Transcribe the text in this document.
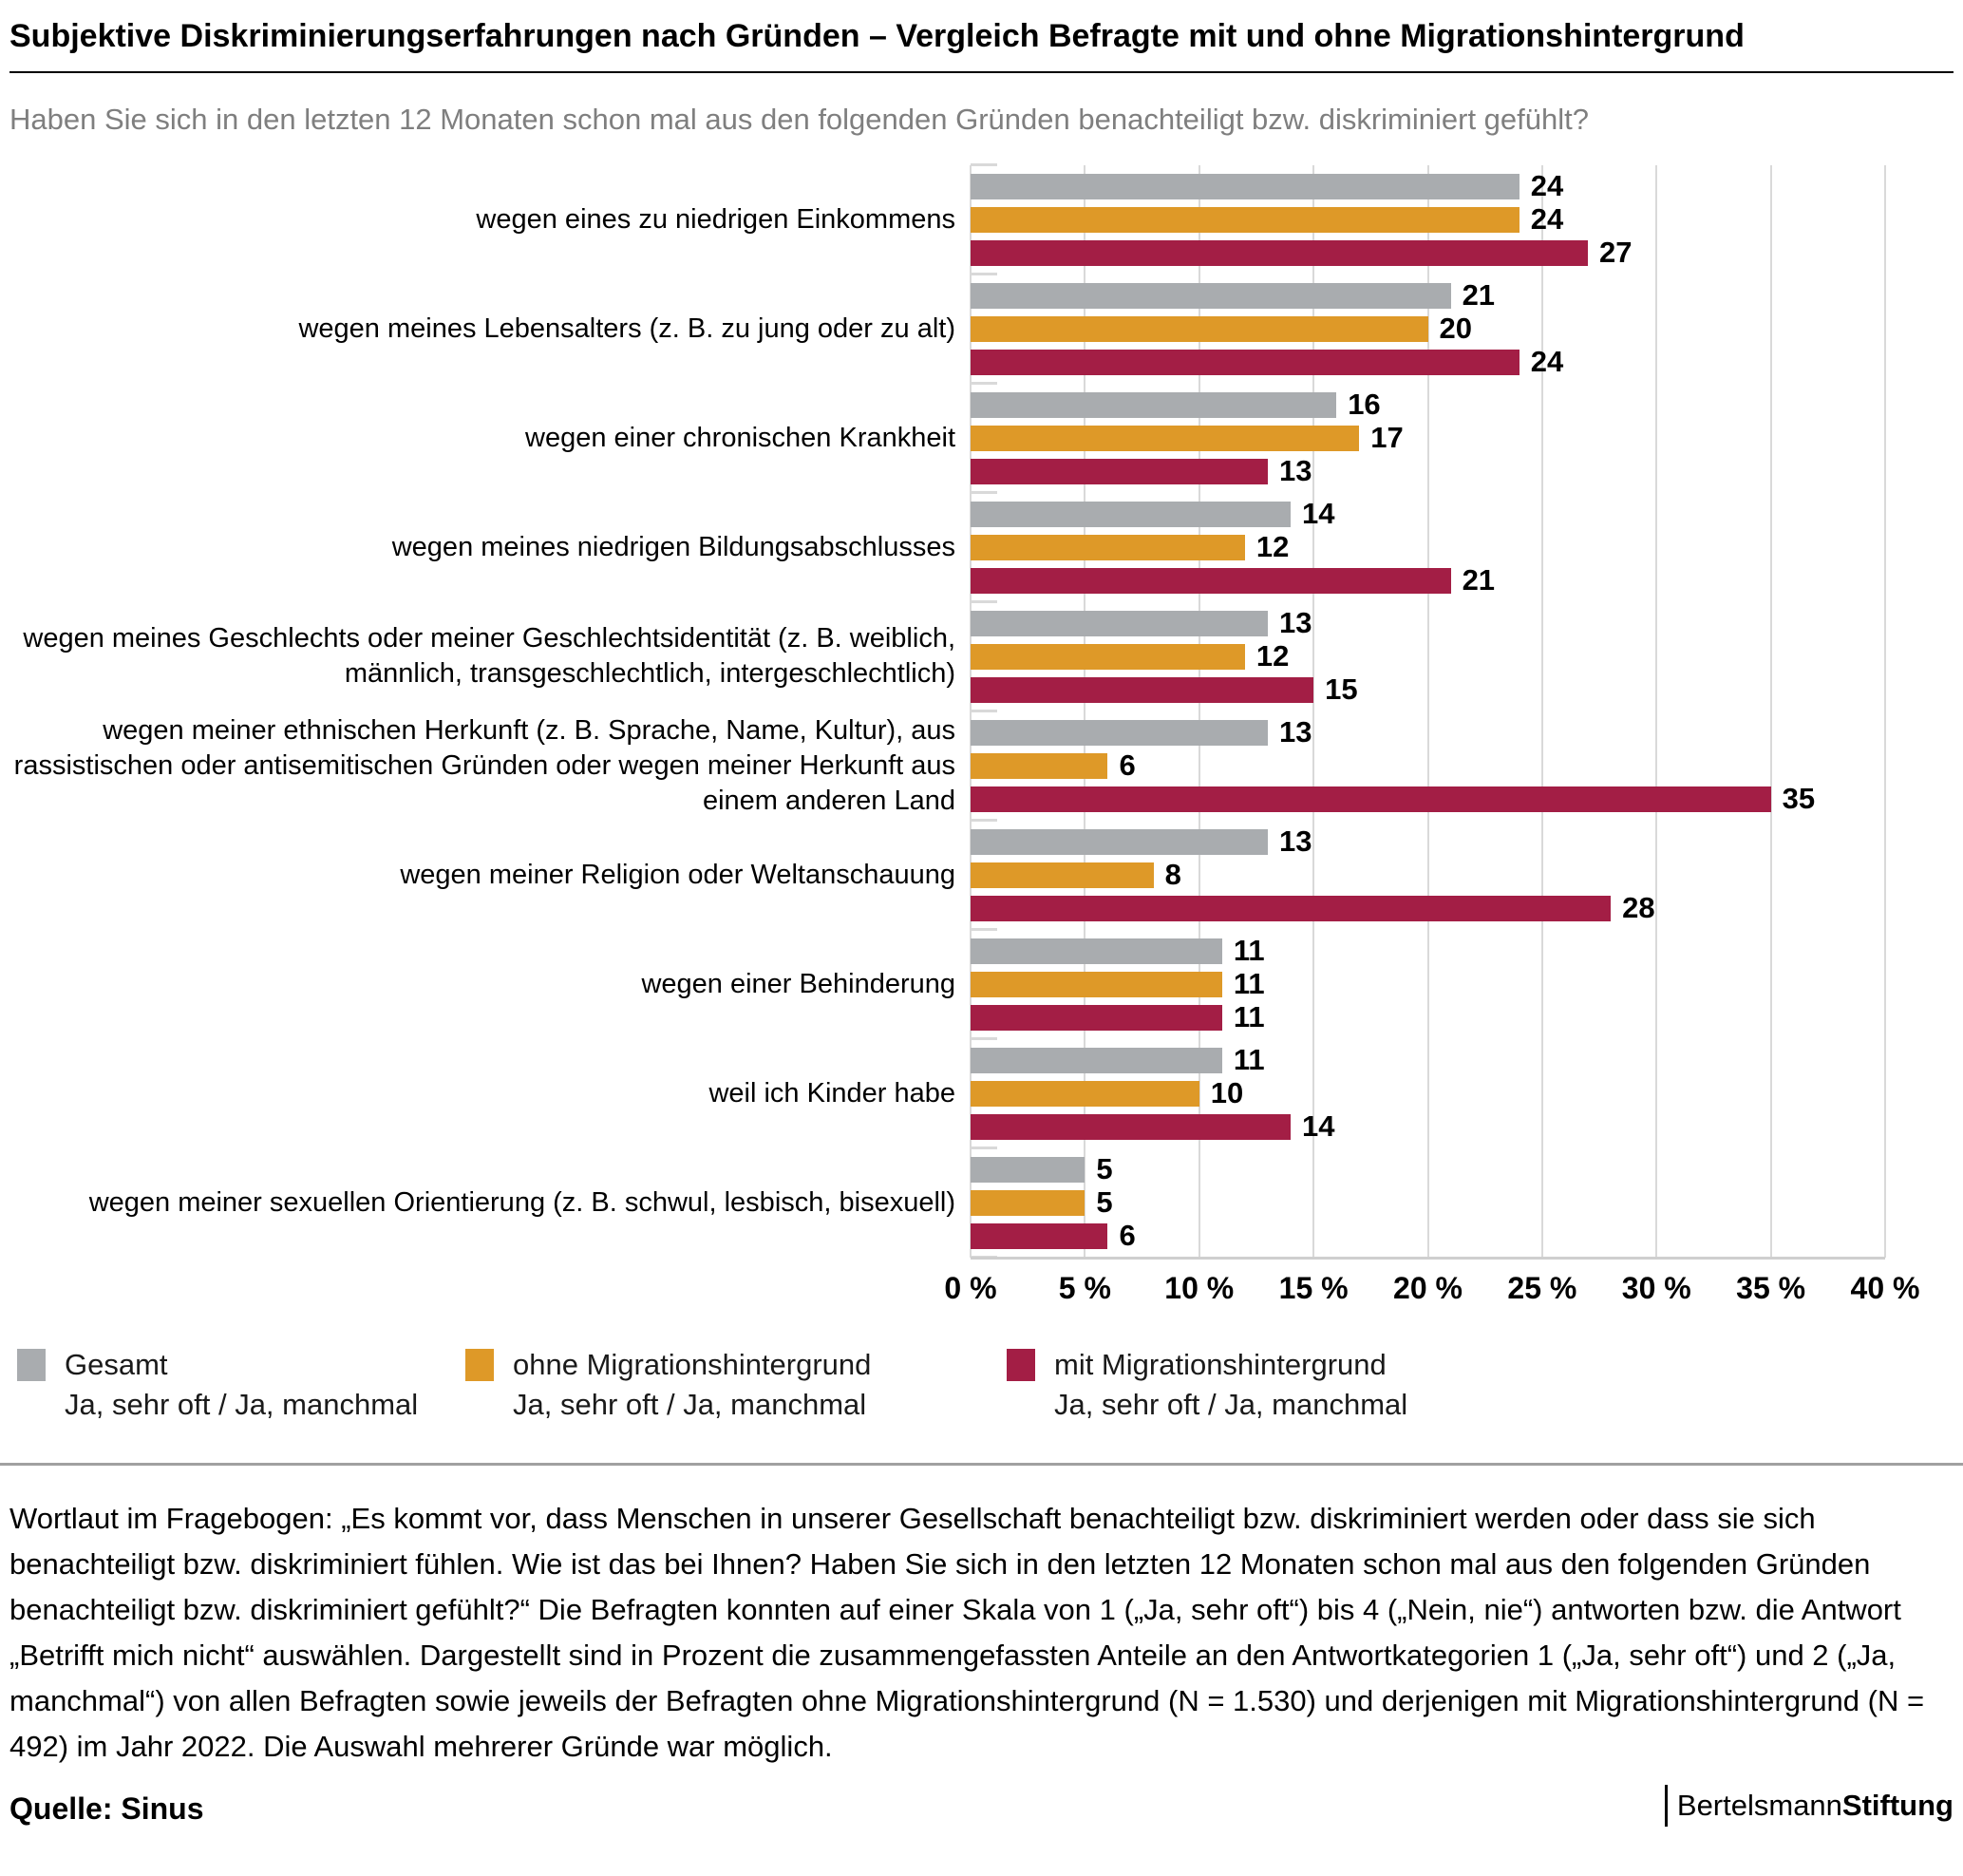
Subjektive Diskriminierungserfahrungen nach Gründen – Vergleich Befragte mit und ohne Migrationshintergrund
Haben Sie sich in den letzten 12 Monaten schon mal aus den folgenden Gründen benachteiligt bzw. diskriminiert gefühlt?
wegen eines zu niedrigen Einkommens
24
24
27
wegen meines Lebensalters (z. B. zu jung oder zu alt)
21
20
24
wegen einer chronischen Krankheit
16
17
13
wegen meines niedrigen Bildungsabschlusses
14
12
21
wegen meines Geschlechts oder meiner Geschlechtsidentität (z. B. weiblich, männlich, transgeschlechtlich, intergeschlechtlich)
13
12
15
wegen meiner ethnischen Herkunft (z. B. Sprache, Name, Kultur), aus rassistischen oder antisemitischen Gründen oder wegen meiner Herkunft aus einem anderen Land
13
6
35
wegen meiner Religion oder Weltanschauung
13
8
28
wegen einer Behinderung
11
11
11
weil ich Kinder habe
11
10
14
wegen meiner sexuellen Orientierung (z. B. schwul, lesbisch, bisexuell)
5
5
6
0 % 5 % 10 % 15 % 20 % 25 % 30 % 35 % 40 %
Gesamt
Ja, sehr oft / Ja, manchmal
ohne Migrationshintergrund
Ja, sehr oft / Ja, manchmal
mit Migrationshintergrund
Ja, sehr oft / Ja, manchmal
Wortlaut im Fragebogen: „Es kommt vor, dass Menschen in unserer Gesellschaft benachteiligt bzw. diskriminiert werden oder dass sie sich benachteiligt bzw. diskriminiert fühlen. Wie ist das bei Ihnen? Haben Sie sich in den letzten 12 Monaten schon mal aus den folgenden Gründen benachteiligt bzw. diskriminiert gefühlt?“ Die Befragten konnten auf einer Skala von 1 („Ja, sehr oft“) bis 4 („Nein, nie“) antworten bzw. die Antwort „Betrifft mich nicht“ auswählen. Dargestellt sind in Prozent die zusammengefassten Anteile an den Antwortkategorien 1 („Ja, sehr oft“) und 2 („Ja, manchmal“) von allen Befragten sowie jeweils der Befragten ohne Migrationshintergrund (N = 1.530) und derjenigen mit Migrationshintergrund (N = 492) im Jahr 2022. Die Auswahl mehrerer Gründe war möglich.
Quelle: Sinus	Bertelsmann Stiftung
